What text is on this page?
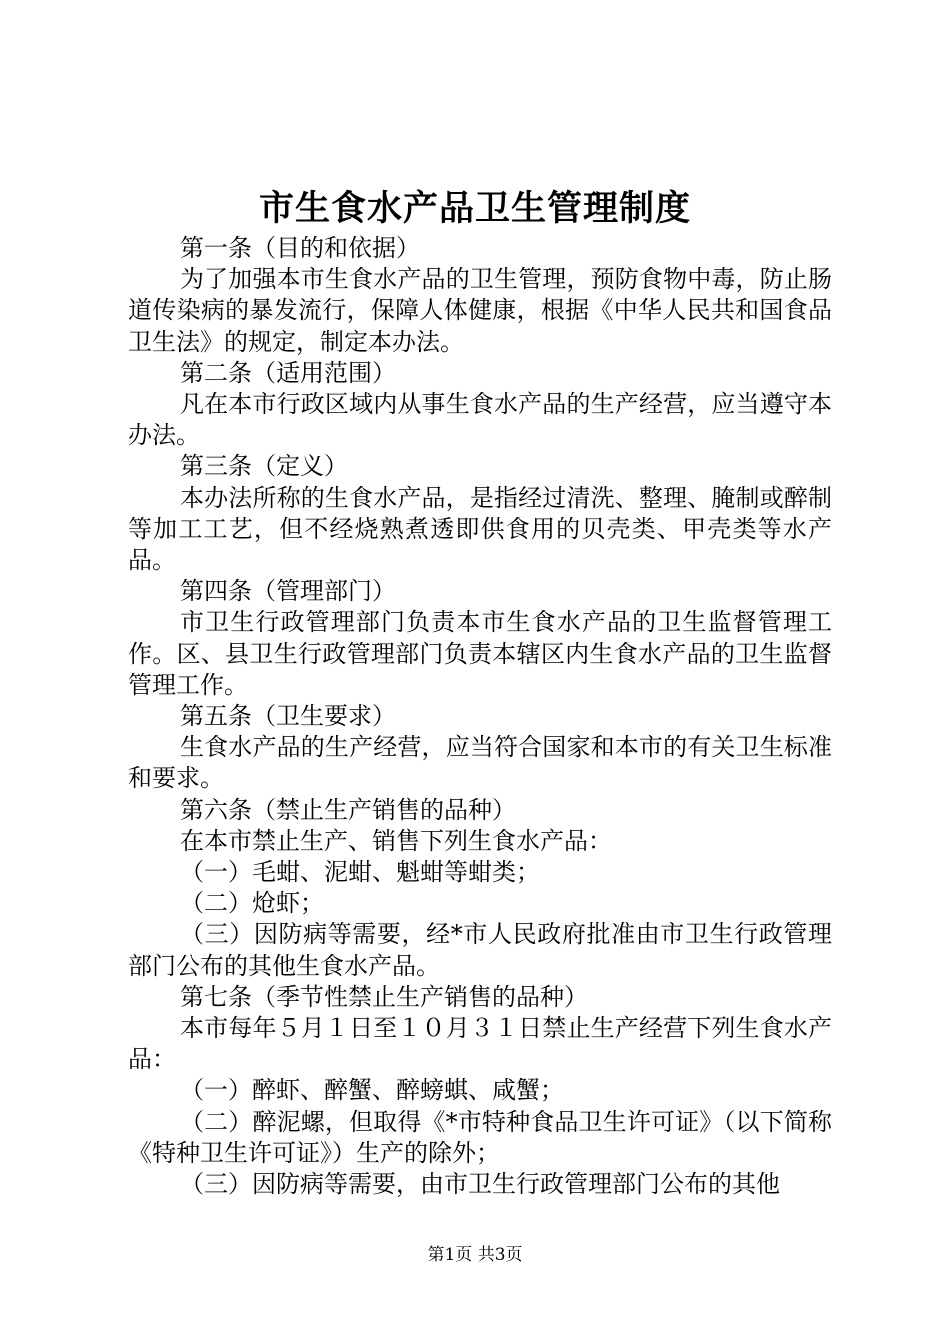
市生食水产品卫生管理制度

第一条（目的和依据）

为了加强本市生食水产品的卫生管理，预防食物中毒，防止肠道传染病的暴发流行，保障人体健康，根据《中华人民共和国食品卫生法》的规定，制定本办法。

第二条（适用范围）

凡在本市行政区域内从事生食水产品的生产经营，应当遵守本办法。

第三条（定义）

本办法所称的生食水产品，是指经过清洗、整理、腌制或醉制等加工工艺，但不经烧熟煮透即供食用的贝壳类、甲壳类等水产品。

第四条（管理部门）

市卫生行政管理部门负责本市生食水产品的卫生监督管理工作。区、县卫生行政管理部门负责本辖区内生食水产品的卫生监督管理工作。

第五条（卫生要求）

生食水产品的生产经营，应当符合国家和本市的有关卫生标准和要求。

第六条（禁止生产销售的品种）

在本市禁止生产、销售下列生食水产品：

（一）毛蚶、泥蚶、魁蚶等蚶类；

（二）炝虾；

（三）因防病等需要，经*市人民政府批准由市卫生行政管理部门公布的其他生食水产品。

第七条（季节性禁止生产销售的品种）

本市每年５月１日至１０月３１日禁止生产经营下列生食水产品：

（一）醉虾、醉蟹、醉螃蜞、咸蟹；

（二）醉泥螺，但取得《*市特种食品卫生许可证》（以下简称《特种卫生许可证》）生产的除外；

（三）因防病等需要，由市卫生行政管理部门公布的其他

第1页 共3页
